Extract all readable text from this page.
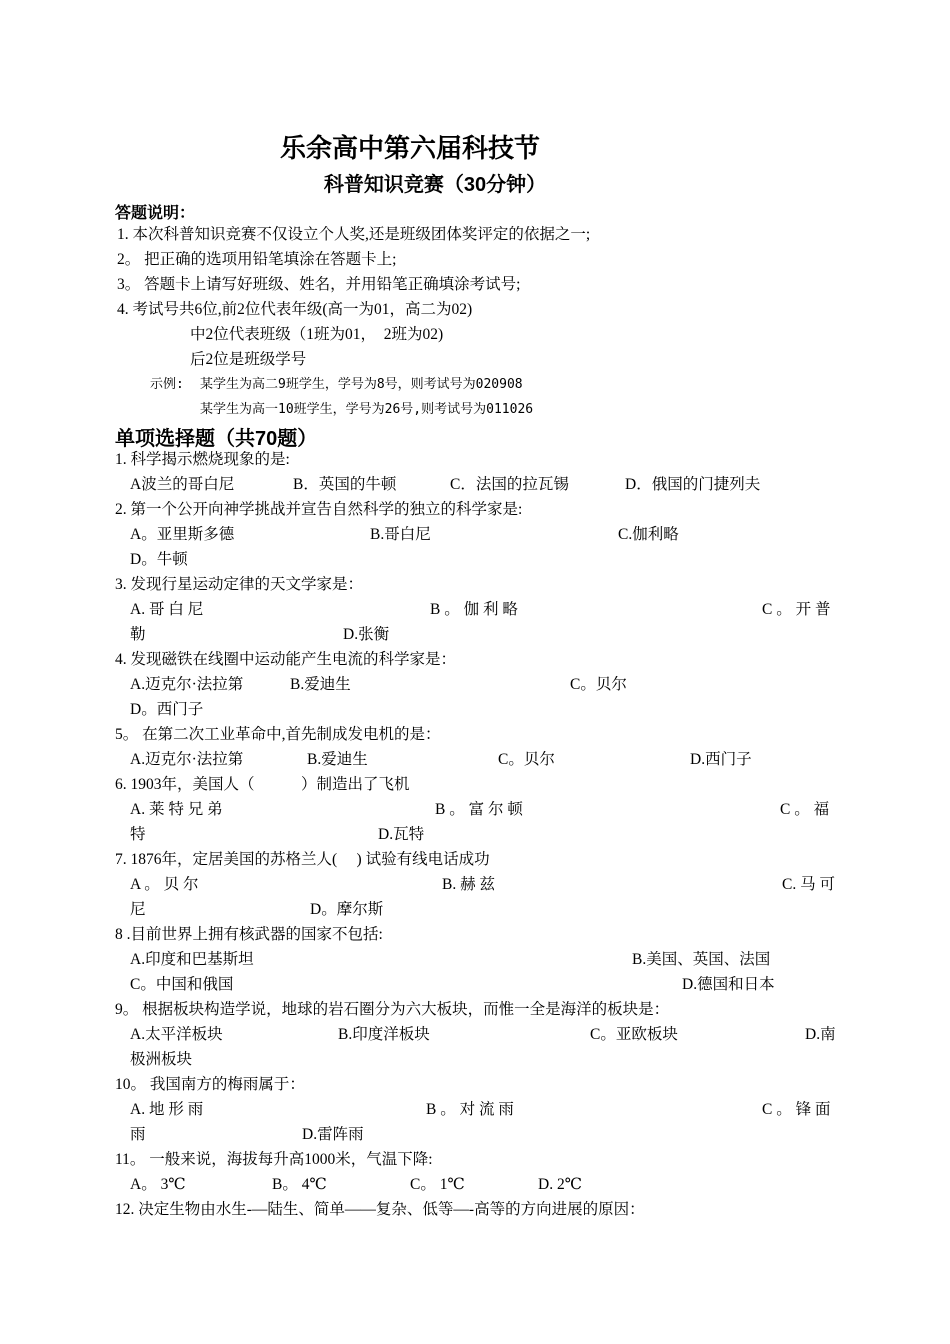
乐余高中第六届科技节
科普知识竞赛（30分钟）
答题说明：
1. 本次科普知识竞赛不仅设立个人奖,还是班级团体奖评定的依据之一;
2。 把正确的选项用铅笔填涂在答题卡上;
3。 答题卡上请写好班级、姓名，并用铅笔正确填涂考试号;
4. 考试号共6位,前2位代表年级(高一为01，高二为02)
中2位代表班级（1班为01，  2班为02)
后2位是班级学号
示例: 某学生为高二9班学生，学号为8号，则考试号为020908
某学生为高一10班学生，学号为26号,则考试号为011026
单项选择题（共70题）
1. 科学揭示燃烧现象的是:
A波兰的哥白尼	B．英国的牛顿	C．法国的拉瓦锡	D．俄国的门捷列夫
2. 第一个公开向神学挑战并宣告自然科学的独立的科学家是:
A。亚里斯多德	B.哥白尼	C.伽利略
D。牛顿
3. 发现行星运动定律的天文学家是：
A. 哥 白 尼	B 。 伽 利 略	C 。 开 普
勒	D.张衡
4. 发现磁铁在线圈中运动能产生电流的科学家是：
A.迈克尔·法拉第	B.爱迪生	C。贝尔
D。西门子
5。 在第二次工业革命中,首先制成发电机的是：
A.迈克尔·法拉第	B.爱迪生	C。贝尔	D.西门子
6. 1903年，美国人（　　　）制造出了飞机
A. 莱 特 兄 弟	B 。 富 尔 顿	C 。 福
特	D.瓦特
7. 1876年，定居美国的苏格兰人(　 ) 试验有线电话成功
A 。 贝 尔	B. 赫 兹	C. 马 可
尼	D。摩尔斯
8 .目前世界上拥有核武器的国家不包括:
A.印度和巴基斯坦	B.美国、英国、法国
C。中国和俄国	D.德国和日本
9。 根据板块构造学说，地球的岩石圈分为六大板块，而惟一全是海洋的板块是：
A.太平洋板块	B.印度洋板块	C。亚欧板块	D.南
极洲板块
10。 我国南方的梅雨属于：
A. 地 形 雨	B 。 对 流 雨	C 。 锋 面
雨	D.雷阵雨
11。 一般来说，海拔每升高1000米，气温下降:
A。 3℃	B。 4℃	C。 1℃	D. 2℃
12. 决定生物由水生-—陆生、简单——复杂、低等—-高等的方向进展的原因：
